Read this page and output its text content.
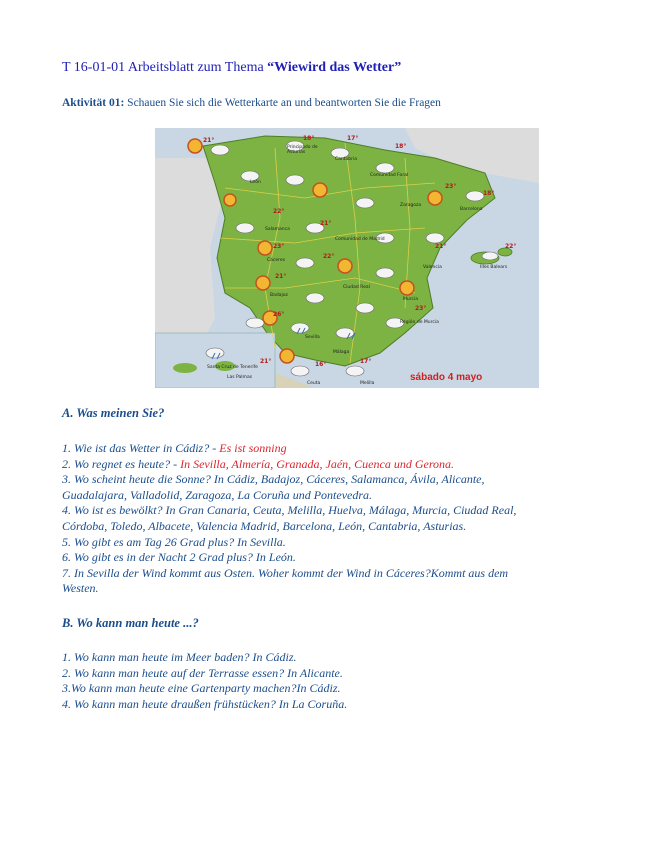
T 16-01-01 Arbeitsblatt zum Thema “Wiewird das Wetter”
Aktivität 01: Schauen Sie sich die Wetterkarte an und beantworten Sie die Fragen
21°	18°	17°
18°
23°
18°
22°
21°
22°
23°	21°
21°
26°
23°
22°
17°
16°
21°
Principado de
Asturias
Cantabria
León
Comunidad Foral
Zaragoza
Barcelona
Salamanca
Comunidad de Madrid
Valencia	Illes Balears
Cáceres
Ciudad Real
Badajoz
Murcia
Región de Murcia
Sevilla
Málaga
Santa Cruz de Tenerife
Las Palmas
Ceuta	Melilla
sábado 4 mayo
A. Was meinen Sie?
1. Wie ist das Wetter in Cádiz? - Es ist sonning
2. Wo regnet es heute? - In Sevilla, Almería, Granada, Jaén, Cuenca und Gerona.
3. Wo scheint heute die Sonne? In Cádiz, Badajoz, Cáceres, Salamanca, Ávila, Alicante,
Guadalajara, Valladolid, Zaragoza, La Coruña und Pontevedra.
4. Wo ist es bewölkt? In Gran Canaria, Ceuta, Melilla, Huelva, Málaga, Murcia, Ciudad Real,
Córdoba, Toledo, Albacete, Valencia Madrid, Barcelona, León, Cantabria, Asturias.
5. Wo gibt es am Tag 26 Grad plus? In Sevilla.
6. Wo gibt es in der Nacht 2 Grad plus? In León.
7. In Sevilla der Wind kommt aus Osten. Woher kommt der Wind in Cáceres?Kommt aus dem
Westen.
B. Wo kann man heute ...?
1. Wo kann man heute im Meer baden? In Cádiz.
2. Wo kann man heute auf der Terrasse essen? In Alicante.
3.Wo kann man heute eine Gartenparty machen?In Cádiz.
4. Wo kann man heute draußen frühstücken? In La Coruña.
